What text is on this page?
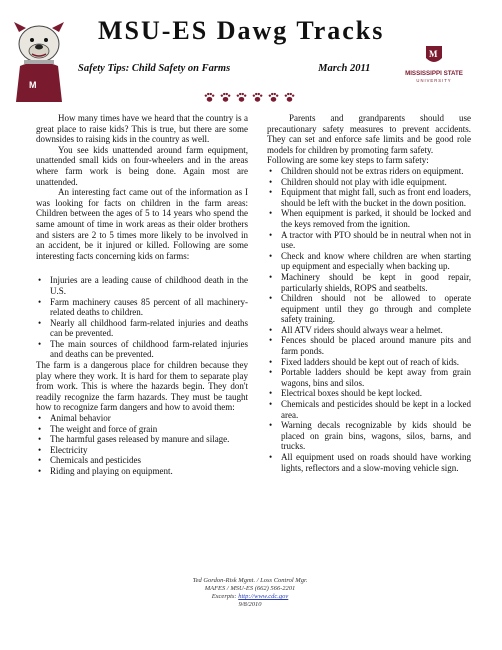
M
MSU-ES Dawg Tracks
Safety Tips: Child Safety on Farms	March 2011
M
MISSISSIPPI STATE
UNIVERSITY

How many times have we heard that the country is a great place to raise kids? This is true, but there are some downsides to raising kids in the country as well.

You see kids unattended around farm equipment, unattended small kids on four-wheelers and in the areas where farm work is being done. Again most are unattended.

An interesting fact came out of the information as I was looking for facts on children in the farm areas: Children between the ages of 5 to 14 years who spend the same amount of time in work areas as their older brothers and sisters are 2 to 5 times more likely to be involved in an accident, be it injured or killed. Following are some interesting facts concerning kids on farms:

• Injuries are a leading cause of childhood death in the U.S.
• Farm machinery causes 85 percent of all machinery-related deaths to children.
• Nearly all childhood farm-related injuries and deaths can be prevented.
• The main sources of childhood farm-related injuries and deaths can be prevented.

The farm is a dangerous place for children because they play where they work. It is hard for them to separate play from work. This is where the hazards begin. They don't readily recognize the farm hazards. They must be taught how to recognize farm dangers and how to avoid them:

• Animal behavior
• The weight and force of grain
• The harmful gases released by manure and silage.
• Electricity
• Chemicals and pesticides
• Riding and playing on equipment.

Parents and grandparents should use precautionary safety measures to prevent accidents. They can set and enforce safe limits and be good role models for children by promoting farm safety.

Following are some key steps to farm safety:

• Children should not be extras riders on equipment.
• Children should not play with idle equipment.
• Equipment that might fall, such as front end loaders, should be left with the bucket in the down position.
• When equipment is parked, it should be locked and the keys removed from the ignition.
• A tractor with PTO should be in neutral when not in use.
• Check and know where children are when starting up equipment and especially when backing up.
• Machinery should be kept in good repair, particularly shields, ROPS and seatbelts.
• Children should not be allowed to operate equipment until they go through and complete safety training.
• All ATV riders should always wear a helmet.
• Fences should be placed around manure pits and farm ponds.
• Fixed ladders should be kept out of reach of kids.
• Portable ladders should be kept away from grain wagons, bins and silos.
• Electrical boxes should be kept locked.
• Chemicals and pesticides should be kept in a locked area.
• Warning decals recognizable by kids should be placed on grain bins, wagons, silos, barns, and trucks.
• All equipment used on roads should have working lights, reflectors and a slow-moving vehicle sign.
Ted Gordon-Risk Mgmt. / Loss Control Mgr.
MAFES / MSU-ES (662) 566-2201
Excerpts: http://www.cdc.gov
9/8/2010
